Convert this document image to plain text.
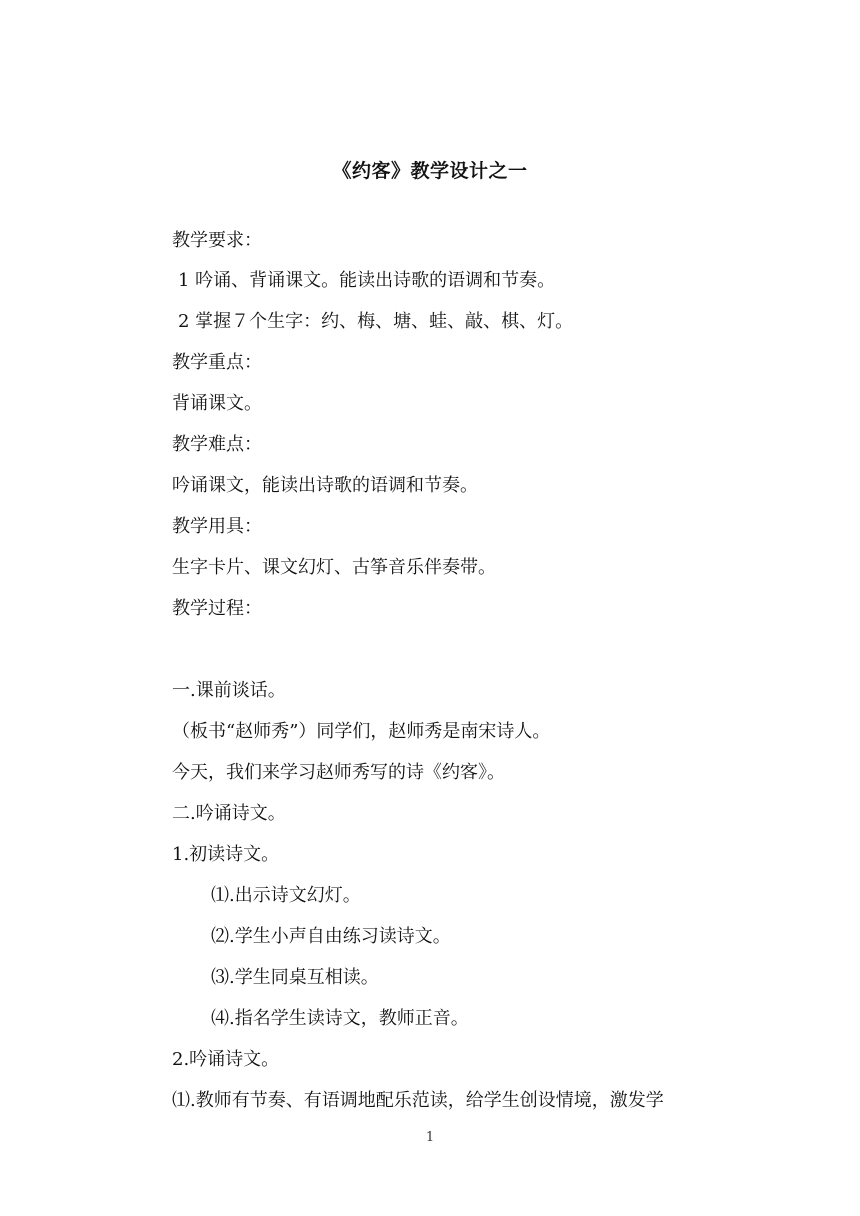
《约客》教学设计之一
教学要求：
1 吟诵、背诵课文。能读出诗歌的语调和节奏。
2 掌握７个生字：约、梅、塘、蛙、敲、棋、灯。
教学重点：
背诵课文。
教学难点：
吟诵课文，能读出诗歌的语调和节奏。
教学用具：
生字卡片、课文幻灯、古筝音乐伴奏带。
教学过程：
一.课前谈话。
（板书“赵师秀”）同学们，赵师秀是南宋诗人。
今天，我们来学习赵师秀写的诗《约客》。
二.吟诵诗文。
1.初读诗文。
⑴.出示诗文幻灯。
⑵.学生小声自由练习读诗文。
⑶.学生同桌互相读。
⑷.指名学生读诗文，教师正音。
2.吟诵诗文。
⑴.教师有节奏、有语调地配乐范读，给学生创设情境，激发学
1
